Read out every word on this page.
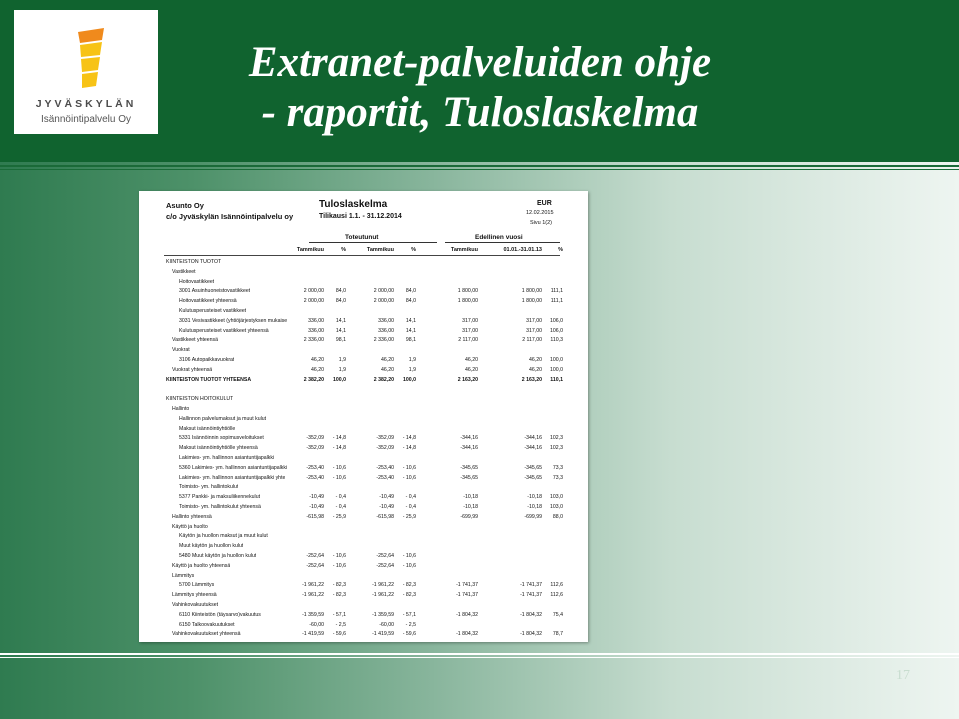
JYVÄSKYLÄN
Isännöintipalvelu Oy
Extranet-palveluiden ohje
- raportit, Tuloslaskelma
Asunto Oy
c/o Jyväskylän Isännöintipalvelu oy
Tuloslaskelma
Tilikausi 1.1. - 31.12.2014
EUR
12.02.2015
Sivu 1(2)
Toteutunut	Edellinen vuosi
Tammikuu	%	Tammikuu	%	Tammikuu	01.01.-31.01.13	%
KIINTEISTÖN TUOTOT
Vastikkeet
Hoitovastikkeet
3001 Asuinhuoneistovastikkeet	2 000,00 84,0	2 000,00 84,0	1 800,00	1 800,00 111,1
Hoitovastikkeet yhteensä	2 000,00 84,0	2 000,00 84,0	1 800,00	1 800,00 111,1
Kulutusperusteiset vastikkeet
3031 Vesivastikkeet (yhtiöjärjestyksen mukaise	336,00 14,1	336,00 14,1	317,00	317,00 106,0
Kulutusperusteiset vastikkeet yhteensä	336,00 14,1	336,00 14,1	317,00	317,00 106,0
Vastikkeet yhteensä	2 336,00 98,1	2 336,00 98,1	2 117,00	2 117,00 110,3
Vuokrat
3106 Autopaikkavuokrat	46,20	1,9	46,20	1,9	46,20	46,20 100,0
Vuokrat yhteensä	46,20	1,9	46,20	1,9	46,20	46,20 100,0
KIINTEISTÖN TUOTOT YHTEENSÄ	2 382,20 100,0	2 382,20 100,0	2 163,20	2 163,20 110,1
KIINTEISTÖN HOITOKULUT
Hallinto
Hallinnon palvelumaksut ja muut kulut
Maksut isännöintiyhtiölle
5331 Isännöinnin sopimusveloitukset	-352,09 - 14,8	-352,09 - 14,8	-344,16	-344,16 102,3
Maksut isännöintiyhtiölle yhteensä	-352,09 - 14,8	-352,09 - 14,8	-344,16	-344,16 102,3
Lakimies- ym. hallinnon asiantuntijapalkki
5360 Lakimies- ym. hallinnon asiantuntijapalkki	-253,40 - 10,6	-253,40 - 10,6	-345,65	-345,65 73,3
Lakimies- ym. hallinnon asiantuntijapalkki yhte	-253,40 - 10,6	-253,40 - 10,6	-345,65	-345,65 73,3
Toimisto- ym. hallintokulut
5377 Pankki- ja maksuliikennekulut	-10,49 - 0,4	-10,49 - 0,4	-10,18	-10,18 103,0
Toimisto- ym. hallintokulut yhteensä	-10,49 - 0,4	-10,49 - 0,4	-10,18	-10,18 103,0
Hallinto yhteensä	-615,98 - 25,9	-615,98 - 25,9	-699,99	-699,99 88,0
Käyttö ja huolto
Käytön ja huollon maksut ja muut kulut
Muut käytön ja huollon kulut
5480 Muut käytön ja huollon kulut	-252,64 - 10,6	-252,64 - 10,6
Käyttö ja huolto yhteensä	-252,64 - 10,6	-252,64 - 10,6
Lämmitys
5700 Lämmitys	-1 961,22 - 82,3	-1 961,22 - 82,3	-1 741,37	-1 741,37 112,6
Lämmitys yhteensä	-1 961,22 - 82,3	-1 961,22 - 82,3	-1 741,37	-1 741,37 112,6
Vahinkovakuutukset
6110 Kiinteistön (täysarvo)vakuutus	-1 359,59 - 57,1	-1 359,59 - 57,1	-1 804,32	-1 804,32 75,4
6150 Talkoovakuutukset	-60,00 - 2,5	-60,00 - 2,5
Vahinkovakuutukset yhteensä	-1 419,59 - 59,6	-1 419,59 - 59,6	-1 804,32	-1 804,32 78,7
17
